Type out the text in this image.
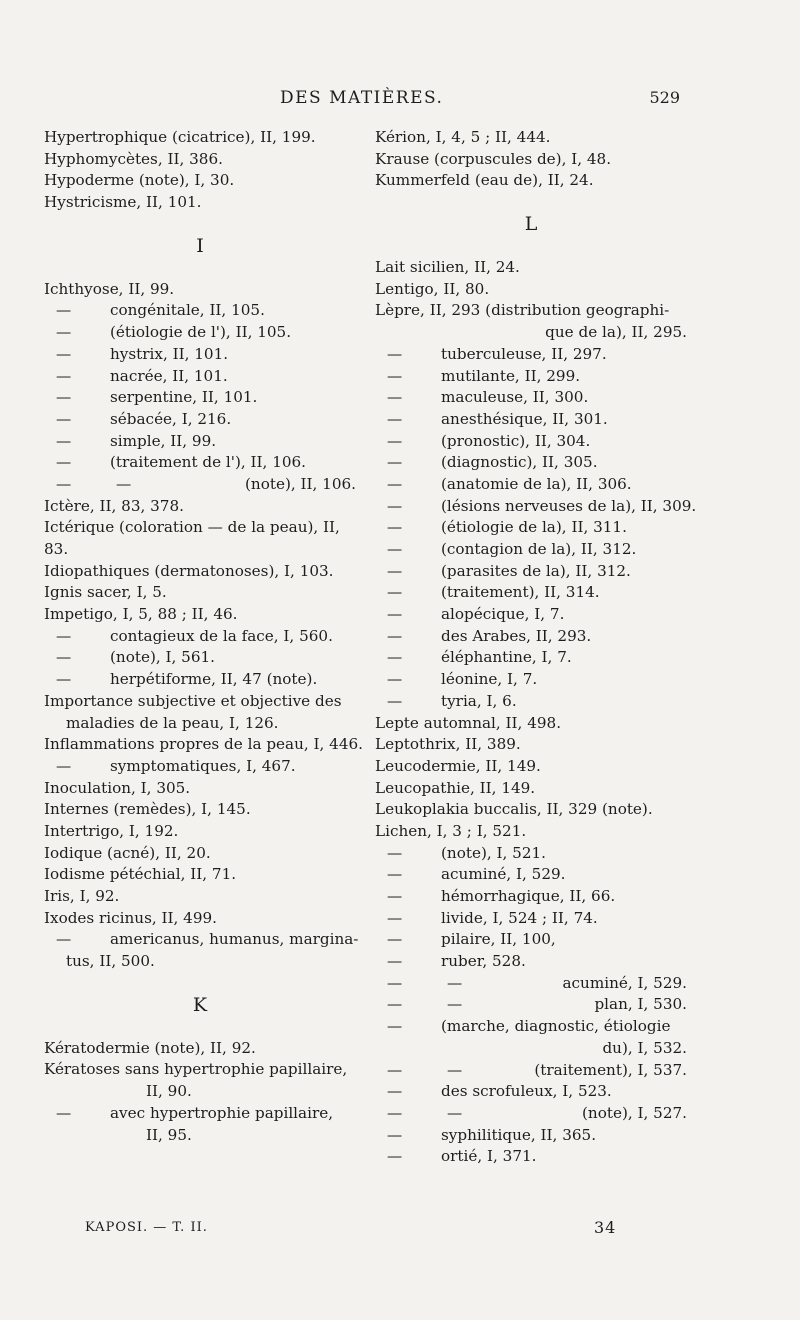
DES MATIÈRES.	529
Hypertrophique (cicatrice), II, 199.
Hyphomycètes, II, 386.
Hypoderme (note), I, 30.
Hystricisme, II, 101.
I
Ichthyose, II, 99.
—	congénitale, II, 105.
—	(étiologie de l'), II, 105.
—	hystrix, II, 101.
—	nacrée, II, 101.
—	serpentine, II, 101.
—	sébacée, I, 216.
—	simple, II, 99.
—	(traitement de l'), II, 106.
—	—	(note), II, 106.
Ictère, II, 83, 378.
Ictérique (coloration — de la peau), II,
83.
Idiopathiques (dermatonoses), I, 103.
Ignis sacer, I, 5.
Impetigo, I, 5, 88 ; II, 46.
—	contagieux de la face, I, 560.
—	(note), I, 561.
—	herpétiforme, II, 47 (note).
Importance subjective et objective des
maladies de la peau, I, 126.
Inflammations propres de la peau, I, 446.
—	symptomatiques, I, 467.
Inoculation, I, 305.
Internes (remèdes), I, 145.
Intertrigo, I, 192.
Iodique (acné), II, 20.
Iodisme pétéchial, II, 71.
Iris, I, 92.
Ixodes ricinus, II, 499.
—	americanus, humanus, margina-
tus, II, 500.
K
Kératodermie (note), II, 92.
Kératoses sans hypertrophie papillaire,
II, 90.
—	avec hypertrophie papillaire,
II, 95.
Kérion, I, 4, 5 ; II, 444.
Krause (corpuscules de), I, 48.
Kummerfeld (eau de), II, 24.
L
Lait sicilien, II, 24.
Lentigo, II, 80.
Lèpre, II, 293 (distribution geographi-
que de la), II, 295.
—	tuberculeuse, II, 297.
—	mutilante, II, 299.
—	maculeuse, II, 300.
—	anesthésique, II, 301.
—	(pronostic), II, 304.
—	(diagnostic), II, 305.
—	(anatomie de la), II, 306.
—	(lésions nerveuses de la), II, 309.
—	(étiologie de la), II, 311.
—	(contagion de la), II, 312.
—	(parasites de la), II, 312.
—	(traitement), II, 314.
—	alopécique, I, 7.
—	des Arabes, II, 293.
—	éléphantine, I, 7.
—	léonine, I, 7.
—	tyria, I, 6.
Lepte automnal, II, 498.
Leptothrix, II, 389.
Leucodermie, II, 149.
Leucopathie, II, 149.
Leukoplakia buccalis, II, 329 (note).
Lichen, I, 3 ; I, 521.
—	(note), I, 521.
—	acuminé, I, 529.
—	hémorrhagique, II, 66.
—	livide, I, 524 ; II, 74.
—	pilaire, II, 100,
—	ruber, 528.
—	—	acuminé, I, 529.
—	—	plan, I, 530.
—	(marche, diagnostic, étiologie
du), I, 532.
—	—	(traitement), I, 537.
—	des scrofuleux, I, 523.
—	—	(note), I, 527.
—	syphilitique, II, 365.
—	ortié, I, 371.
KAPOSI. — T. II.	34
